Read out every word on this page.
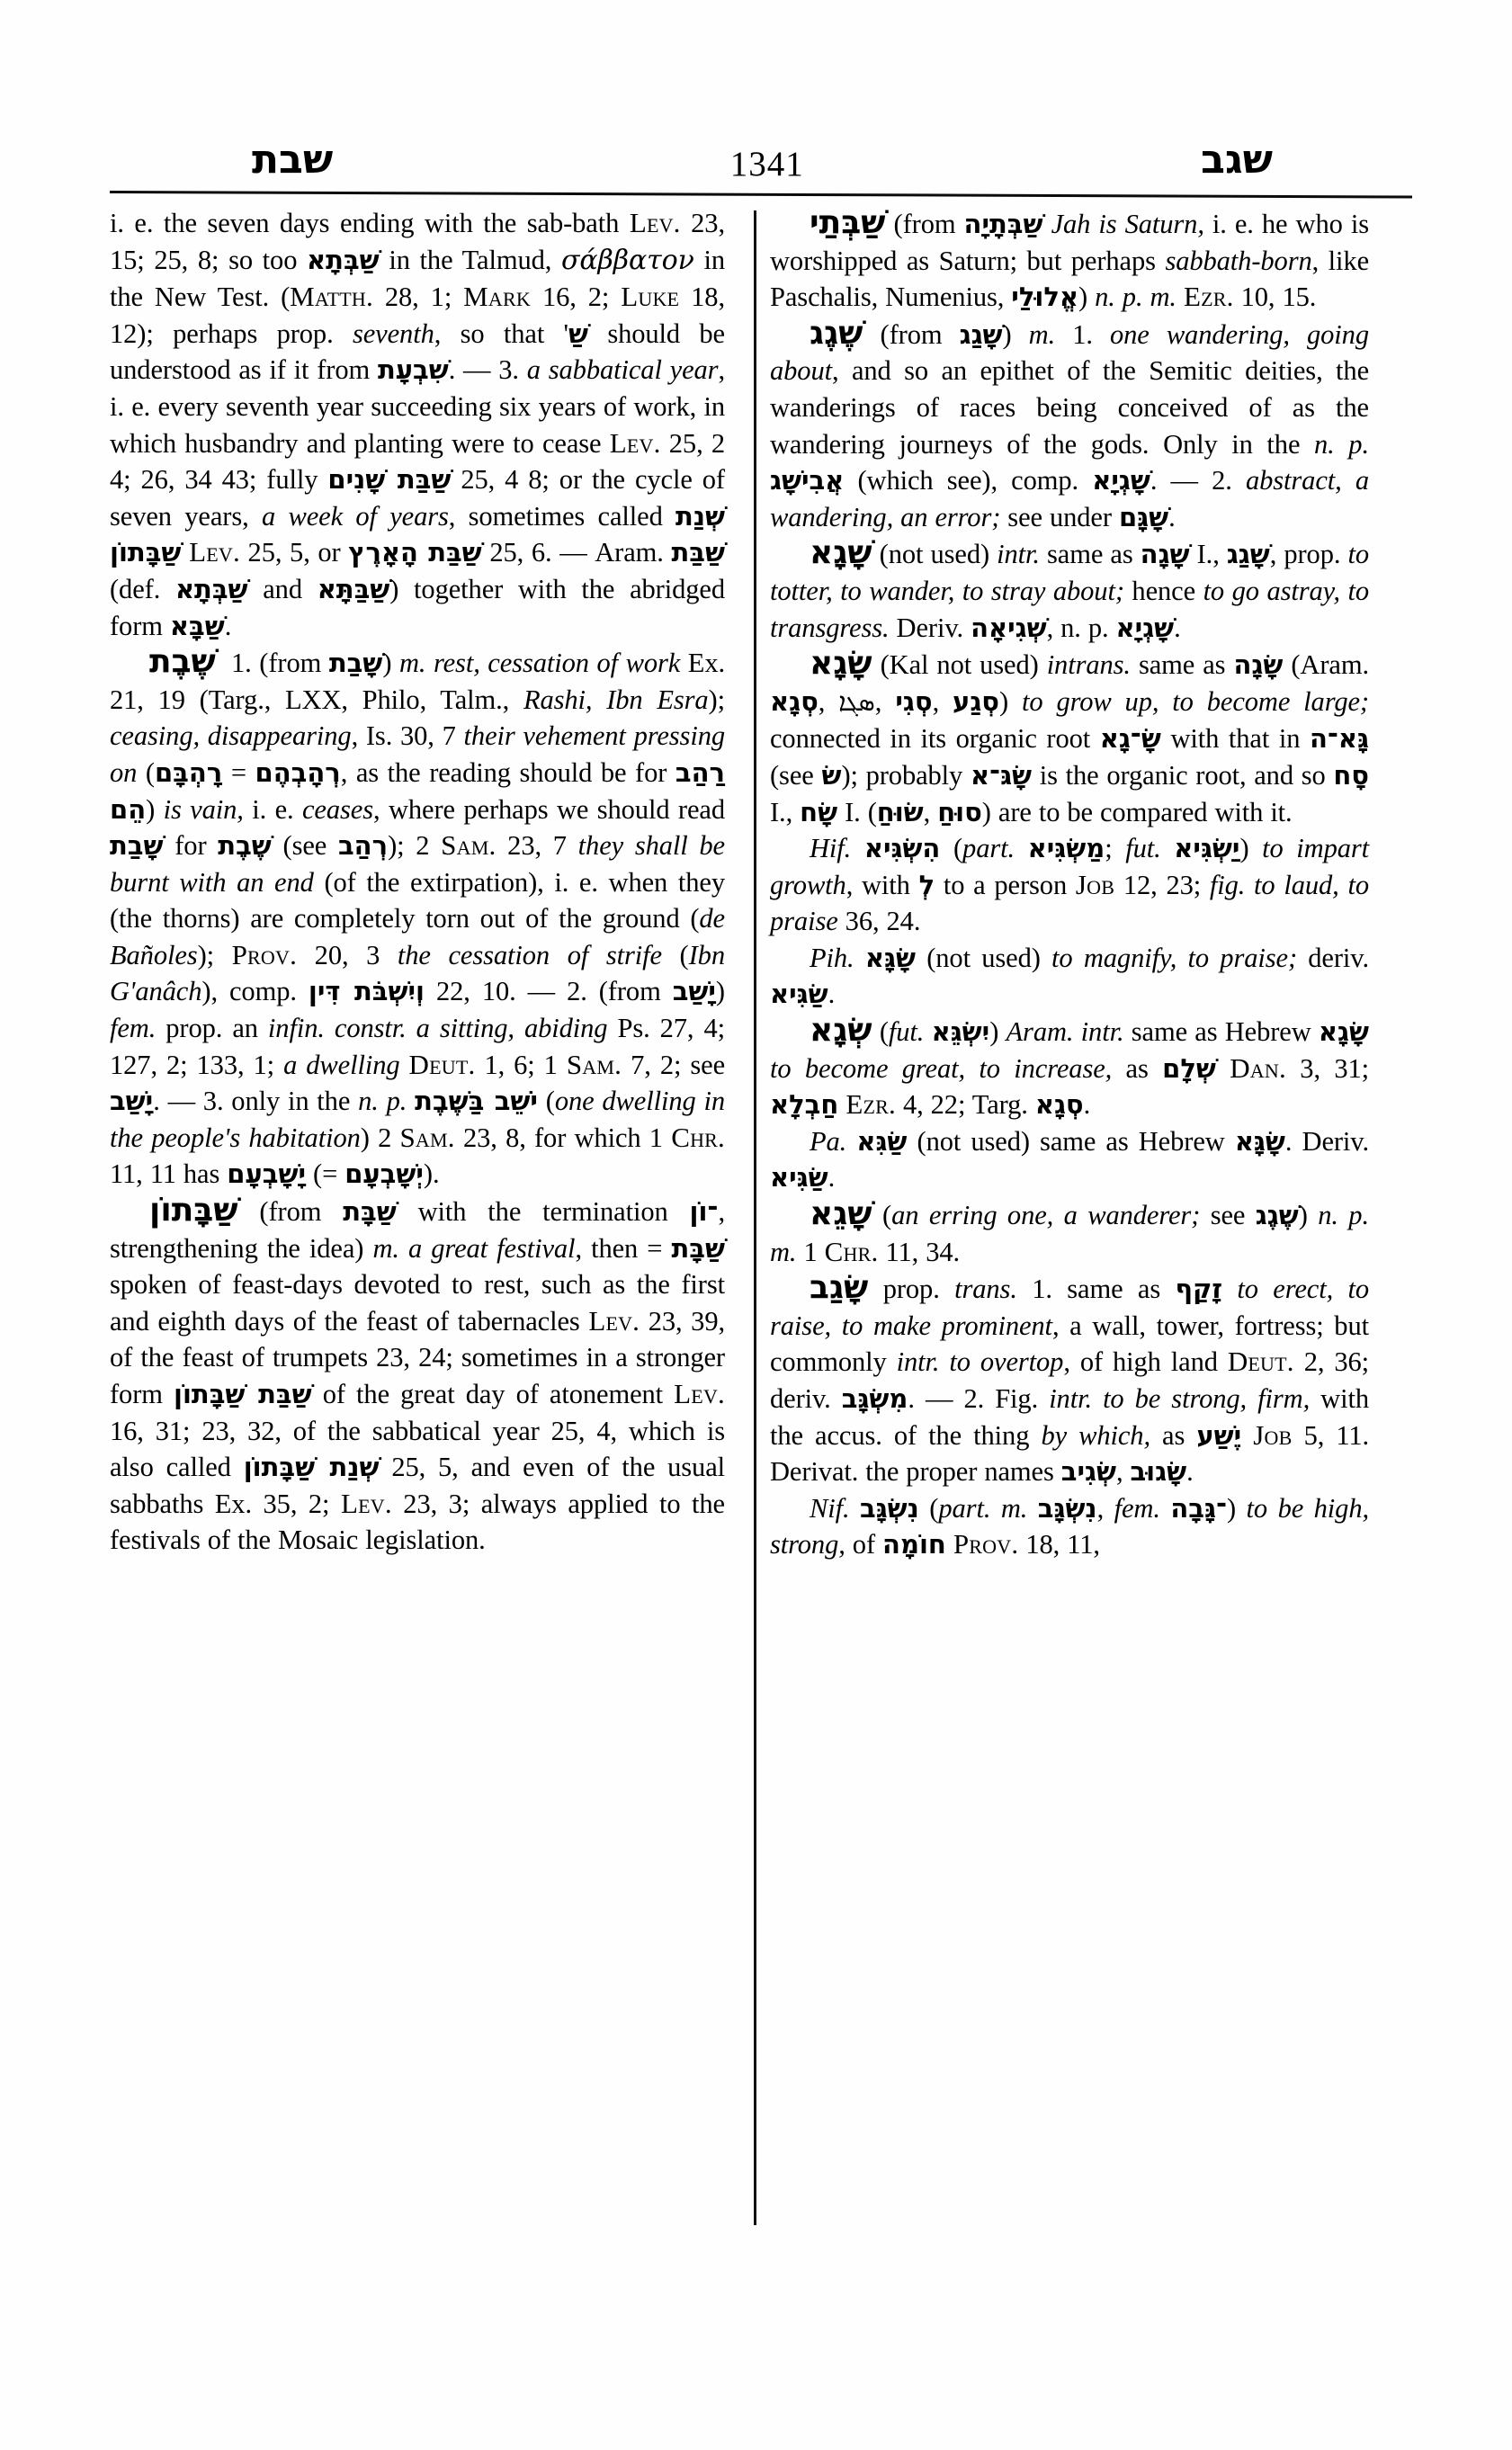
שבת	1341	שגב

i. e. the seven days ending with the sab-bath Lev. 23, 15; 25, 8; so too שַׁבְּתָא in the Talmud, σάββατον in the New Test. (Matth. 28, 1; Mark 16, 2; Luke 18, 12); perhaps prop. seventh, so that 'שַׁ should be understood as if it from שִׁבְעָת. — 3. a sabbatical year, i. e. every seventh year succeeding six years of work, in which husbandry and planting were to cease Lev. 25, 2 4; 26, 34 43; fully שַׁבַּת שָׁנִים 25, 4 8; or the cycle of seven years, a week of years, sometimes called שְׁנַת שַׁבָּתוֹן Lev. 25, 5, or שַׁבַּת הָאָרֶץ 25, 6. — Aram. שַׁבַּת (def. שַׁבְּתָא and שַׁבַּתָּא) together with the abridged form שַׁבָּא.

שֶׁבֶת  1. (from שָׁבַת) m. rest, cessation of work Ex. 21, 19 (Targ., LXX, Philo, Talm., Rashi, Ibn Esra); ceasing, disappearing, Is. 30, 7 their vehement pressing on (רָהְבָּם = רְהָבְהֶם, as the reading should be for רַהַב הֵם) is vain, i. e. ceases, where perhaps we should read שָׁבַת for שֶׁבֶת (see רְהַב); 2 Sam. 23, 7 they shall be burnt with an end (of the extirpation), i. e. when they (the thorns) are completely torn out of the ground (de Bañoles); Prov. 20, 3 the cessation of strife (Ibn G'anâch), comp. וְיִשְׁבֹּת דִּין 22, 10. — 2. (from יָשַׁב) fem. prop. an infin. constr. a sitting, abiding Ps. 27, 4; 127, 2; 133, 1; a dwelling Deut. 1, 6; 1 Sam. 7, 2; see יָשַׁב. — 3. only in the n. p. יֹשֵׁב בַּשֶּׁבֶת (one dwelling in the people's habitation) 2 Sam. 23, 8, for which 1 Chr. 11, 11 has יָשָׁבְעָם (= יְשָׁבְעָם).

שַׁבָּתוֹן (from שַׁבָּת with the termination ־וֹן, strengthening the idea) m. a great festival, then = שַׁבָּת spoken of feast-days devoted to rest, such as the first and eighth days of the feast of tabernacles Lev. 23, 39, of the feast of trumpets 23, 24; sometimes in a stronger form שַׁבַּת שַׁבָּתוֹן of the great day of atonement Lev. 16, 31; 23, 32, of the sabbatical year 25, 4, which is also called שְׁנַת שַׁבָּתוֹן 25, 5, and even of the usual sabbaths Ex. 35, 2; Lev. 23, 3; always applied to the festivals of the Mosaic legislation.

שַׁבְּתַי (from שַׁבְּתָיָה Jah is Saturn, i. e. he who is worshipped as Saturn; but perhaps sabbath-born, like Paschalis, Numenius, אֱלוּלַי) n. p. m. Ezr. 10, 15.

שֶׁגֶג (from שָׁגַג) m. 1. one wandering, going about, and so an epithet of the Semitic deities, the wanderings of races being conceived of as the wandering journeys of the gods. Only in the n. p. אֲבִישָׁג (which see), comp. שָׁגְיָא. — 2. abstract, a wandering, an error; see under שָׁגָּם.

שָׁגָא (not used) intr. same as שָׁגָה I., שָׁגַג, prop. to totter, to wander, to stray about; hence to go astray, to transgress. Deriv. שְׁגִיאָה, n. p. שָׁגְיָא.

שָׂגָא (Kal not used) intrans. same as שָׂגָה (Aram. סְגָא, ܣܓܐ, סְגִי, סְגַע) to grow up, to become large; connected in its organic root שָׂ־גָא with that in גָּא־ה (see שׂ); probably שָׂגּ־א is the organic root, and so סָח I., שָׂח I. (שׂוּחַ, סוּחַ) are to be compared with it.

Hif. הִשְׂגִּיא (part. מַשְׂגִּיא; fut. יַשְׂגִּיא) to impart growth, with לְ to a person Job 12, 23; fig. to laud, to praise 36, 24.

Pih. שָׂגָּא (not used) to magnify, to praise; deriv. שַׂגִּיא.

שְׂגָא (fut. יִשְׂגֵּא) Aram. intr. same as Hebrew שָׂגָא to become great, to increase, as שְׁלָם Dan. 3, 31; חַבְלָא Ezr. 4, 22; Targ. סְגָא.

Pa. שַׂגִּא (not used) same as Hebrew שָׂגָּא. Deriv. שַׂגִּיא.

שָׁגֵא (an erring one, a wanderer; see שֶׁגֶג) n. p. m. 1 Chr. 11, 34.

שָׂגַב prop. trans. 1. same as זָקַף to erect, to raise, to make prominent, a wall, tower, fortress; but commonly intr. to overtop, of high land Deut. 2, 36; deriv. מִשְׂגָּב. — 2. Fig. intr. to be strong, firm, with the accus. of the thing by which, as יֶשַׁע Job 5, 11. Derivat. the proper names שְׂגִיב, שָׂגוּב.

Nif. נִשְׂגָּב (part. m. נִשְׂגָּב, fem. ־גָּבָה) to be high, strong, of חוֹמָה Prov. 18, 11,
